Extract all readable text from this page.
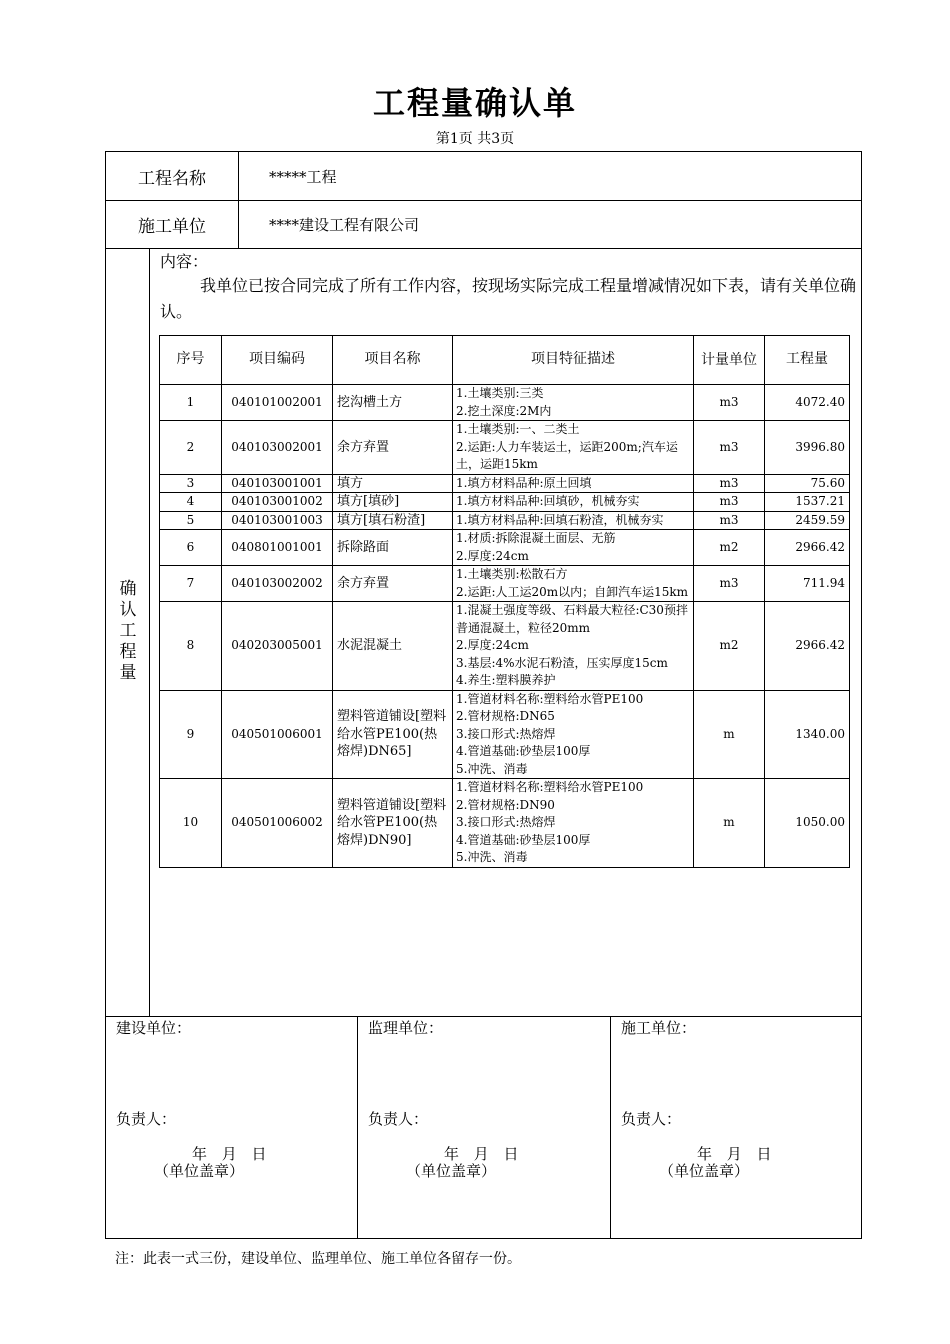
工程量确认单
第1页 共3页
工程名称	*****工程
施工单位	****建设工程有限公司
确
认
工
程
量
内容：
我单位已按合同完成了所有工作内容，按现场实际完成工程量增减情况如下表，请有关单位确认。
序号	项目编码	项目名称	项目特征描述	计量单位	工程量
1	040101002001	挖沟槽土方	1.土壤类别:三类
2.挖土深度:2M内	m3	4072.40
2	040103002001	余方弃置	1.土壤类别:一、二类土
2.运距:人力车装运土，运距200m;汽车运土，运距15km	m3	3996.80
3	040103001001	填方	1.填方材料品种:原土回填	m3	75.60
4	040103001002	填方[填砂]	1.填方材料品种:回填砂，机械夯实	m3	1537.21
5	040103001003	填方[填石粉渣]	1.填方材料品种:回填石粉渣，机械夯实	m3	2459.59
6	040801001001	拆除路面	1.材质:拆除混凝土面层、无筋
2.厚度:24cm	m2	2966.42
7	040103002002	余方弃置	1.土壤类别:松散石方
2.运距:人工运20m以内；自卸汽车运15km	m3	711.94
8	040203005001	水泥混凝土	1.混凝土强度等级、石料最大粒径:C30预拌普通混凝土，粒径20mm
2.厚度:24cm
3.基层:4%水泥石粉渣，压实厚度15cm
4.养生:塑料膜养护	m2	2966.42
9	040501006001	塑料管道铺设[塑料给水管PE100(热熔焊)DN65]	1.管道材料名称:塑料给水管PE100
2.管材规格:DN65
3.接口形式:热熔焊
4.管道基础:砂垫层100厚
5.冲洗、消毒	m	1340.00
10	040501006002	塑料管道铺设[塑料给水管PE100(热熔焊)DN90]	1.管道材料名称:塑料给水管PE100
2.管材规格:DN90
3.接口形式:热熔焊
4.管道基础:砂垫层100厚
5.冲洗、消毒	m	1050.00
建设单位：
负责人：
年 月 日
（单位盖章）
监理单位：
负责人：
年 月 日
（单位盖章）
施工单位：
负责人：
年 月 日
（单位盖章）
注：此表一式三份，建设单位、监理单位、施工单位各留存一份。
